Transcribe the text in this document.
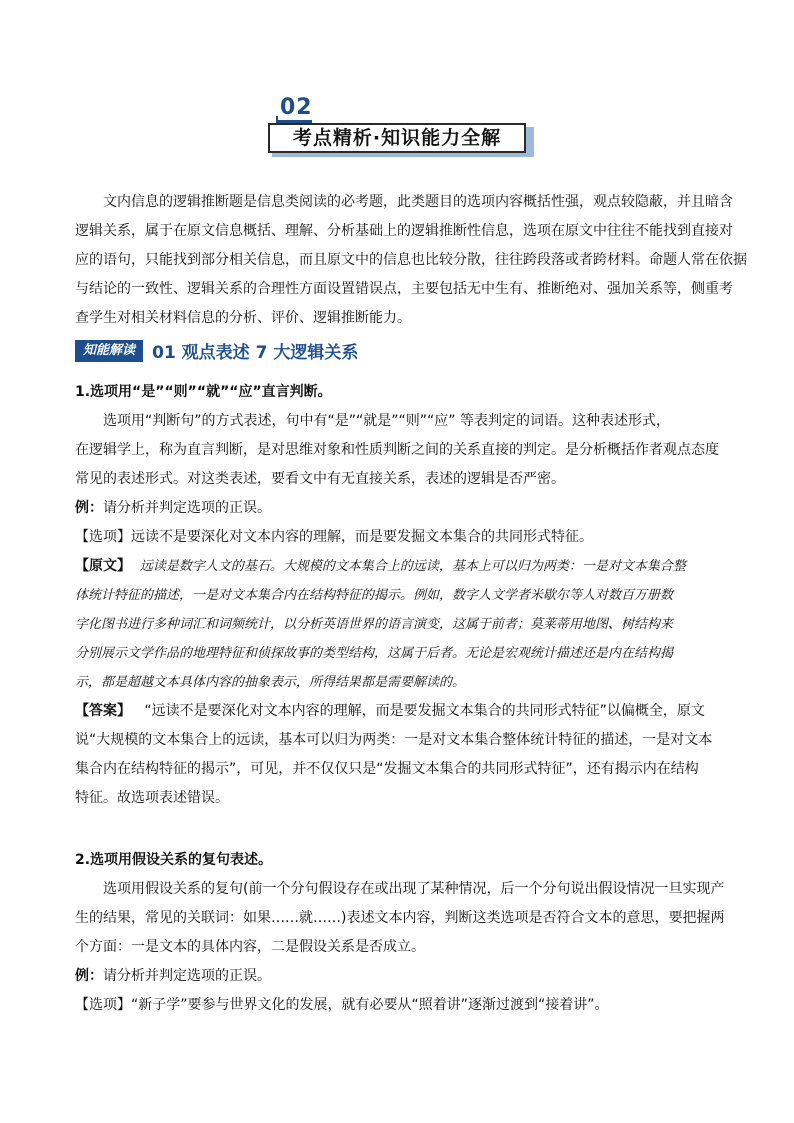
02
考点精析·知识能力全解

文内信息的逻辑推断题是信息类阅读的必考题，此类题目的选项内容概括性强，观点较隐蔽，并且暗含

逻辑关系，属于在原文信息概括、理解、分析基础上的逻辑推断性信息，选项在原文中往往不能找到直接对

应的语句，只能找到部分相关信息，而且原文中的信息也比较分散，往往跨段落或者跨材料。命题人常在依据

与结论的一致性、逻辑关系的合理性方面设置错误点，主要包括无中生有、推断绝对、强加关系等，侧重考

查学生对相关材料信息的分析、评价、逻辑推断能力。

知能解读 01 观点表述 7 大逻辑关系

1.选项用“是”“则”“就”“应”直言判断。

选项用“判断句”的方式表述，句中有“是”“就是”“则”“应” 等表判定的词语。这种表述形式，

在逻辑学上，称为直言判断，是对思维对象和性质判断之间的关系直接的判定。是分析概括作者观点态度

常见的表述形式。对这类表述，要看文中有无直接关系，表述的逻辑是否严密。

例：请分析并判定选项的正误。

【选项】远读不是要深化对文本内容的理解，而是要发掘文本集合的共同形式特征。

【原文】 远读是数字人文的基石。大规模的文本集合上的远读，基本上可以归为两类：一是对文本集合整

体统计特征的描述，一是对文本集合内在结构特征的揭示。例如，数字人文学者米歇尔等人对数百万册数

字化图书进行多种词汇和词频统计，以分析英语世界的语言演变，这属于前者；莫莱蒂用地图、树结构来

分别展示文学作品的地理特征和侦探故事的类型结构，这属于后者。无论是宏观统计描述还是内在结构揭

示，都是超越文本具体内容的抽象表示，所得结果都是需要解读的。

【答案】 “远读不是要深化对文本内容的理解，而是要发掘文本集合的共同形式特征”以偏概全，原文

说“大规模的文本集合上的远读，基本可以归为两类：一是对文本集合整体统计特征的描述，一是对文本

集合内在结构特征的揭示”，可见，并不仅仅只是“发掘文本集合的共同形式特征”，还有揭示内在结构

特征。故选项表述错误。

2.选项用假设关系的复句表述。

选项用假设关系的复句(前一个分句假设存在或出现了某种情况，后一个分句说出假设情况一旦实现产

生的结果，常见的关联词：如果……就……)表述文本内容，判断这类选项是否符合文本的意思，要把握两

个方面：一是文本的具体内容，二是假设关系是否成立。

例：请分析并判定选项的正误。

【选项】“新子学”要参与世界文化的发展，就有必要从“照着讲”逐渐过渡到“接着讲”。
